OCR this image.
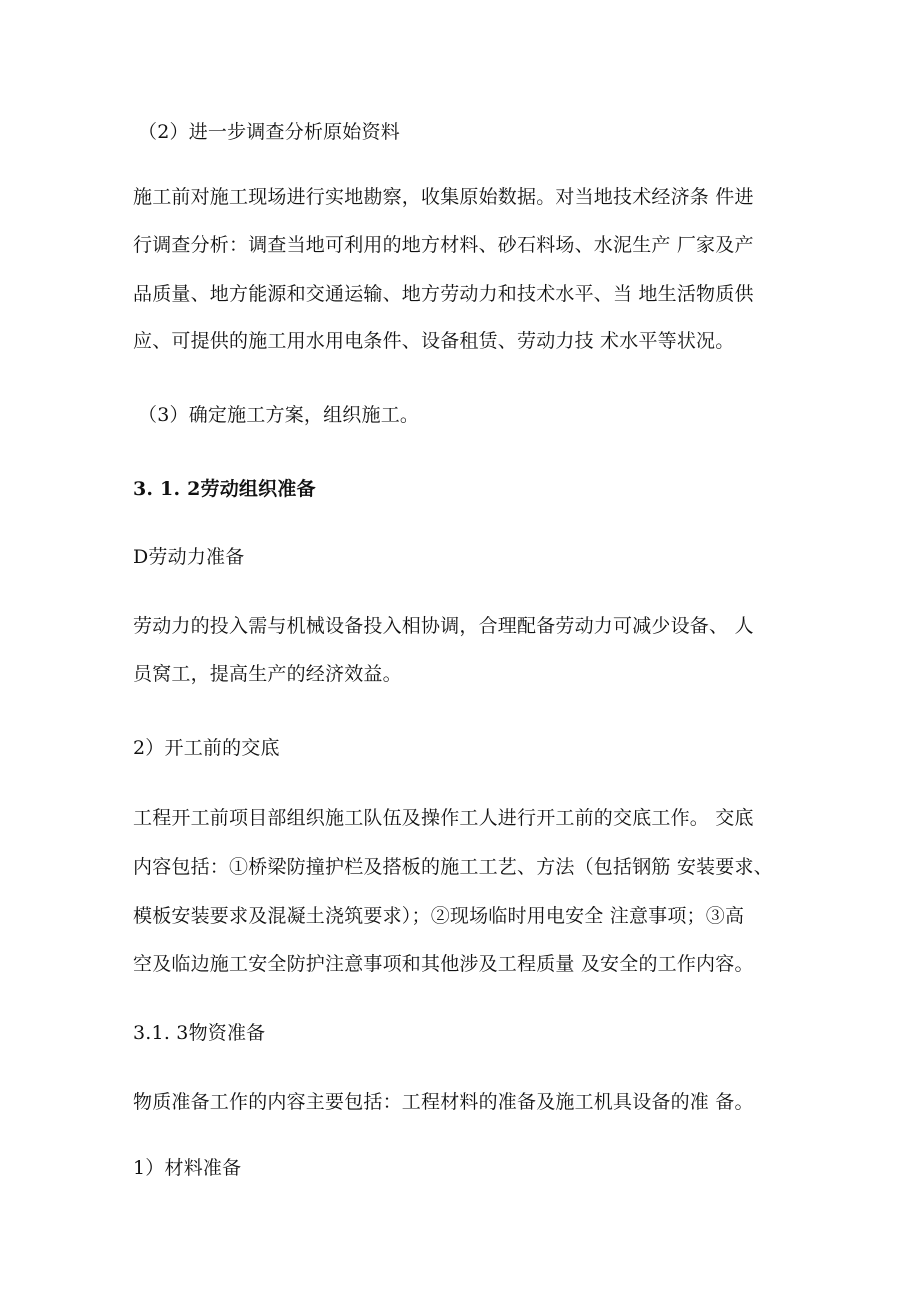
（2）进一步调查分析原始资料
施工前对施工现场进行实地勘察，收集原始数据。对当地技术经济条 件进
行调查分析：调查当地可利用的地方材料、砂石料场、水泥生产 厂家及产
品质量、地方能源和交通运输、地方劳动力和技术水平、当 地生活物质供
应、可提供的施工用水用电条件、设备租赁、劳动力技 术水平等状况。
（3）确定施工方案，组织施工。
3. 1. 2劳动组织准备
D劳动力准备
劳动力的投入需与机械设备投入相协调，合理配备劳动力可减少设备、 人
员窝工，提高生产的经济效益。
2）开工前的交底
工程开工前项目部组织施工队伍及操作工人进行开工前的交底工作。 交底
内容包括：①桥梁防撞护栏及搭板的施工工艺、方法（包括钢筋 安装要求、
模板安装要求及混凝土浇筑要求）；②现场临时用电安全 注意事项；③高
空及临边施工安全防护注意事项和其他涉及工程质量 及安全的工作内容。
3.1. 3物资准备
物质准备工作的内容主要包括：工程材料的准备及施工机具设备的准 备。
1）材料准备
